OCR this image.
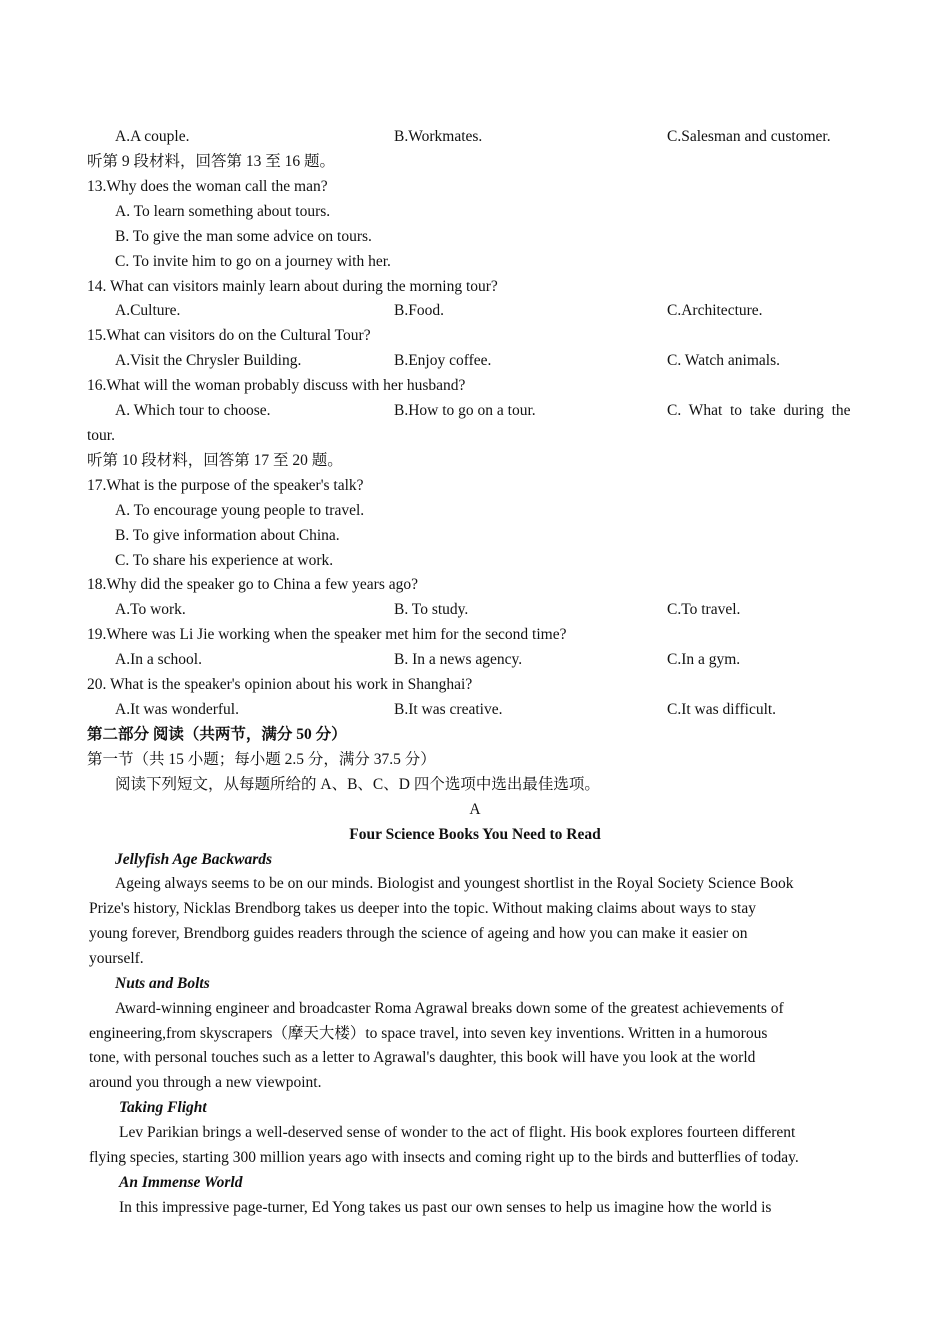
A.A couple.	B.Workmates.	C.Salesman and customer.
听第 9 段材料，回答第 13 至 16 题。
13.Why does the woman call the man?
A. To learn something about tours.
B. To give the man some advice on tours.
C. To invite him to go on a journey with her.
14. What can visitors mainly learn about during the morning tour?
A.Culture.	B.Food.	C.Architecture.
15.What can visitors do on the Cultural Tour?
A.Visit the Chrysler Building.	B.Enjoy coffee.	C. Watch animals.
16.What will the woman probably discuss with her husband?
A. Which tour to choose.	B.How to go on a tour.	C.  What  to  take  during  the
tour.
听第 10 段材料，回答第 17 至 20 题。
17.What is the purpose of the speaker's talk?
A. To encourage young people to travel.
B. To give information about China.
C. To share his experience at work.
18.Why did the speaker go to China a few years ago?
A.To work.	B. To study.	C.To travel.
19.Where was Li Jie working when the speaker met him for the second time?
A.In a school.	B. In a news agency.	C.In a gym.
20. What is the speaker's opinion about his work in Shanghai?
A.It was wonderful.	B.It was creative.	C.It was difficult.
第二部分 阅读（共两节，满分 50 分）
第一节（共 15 小题；每小题 2.5 分，满分 37.5 分）
阅读下列短文，从每题所给的 A、B、C、D 四个选项中选出最佳选项。
A
Four Science Books You Need to Read
Jellyfish Age Backwards
Ageing always seems to be on our minds. Biologist and youngest shortlist in the Royal Society Science Book
Prize's history, Nicklas Brendborg takes us deeper into the topic. Without making claims about ways to stay
young forever, Brendborg guides readers through the science of ageing and how you can make it easier on
yourself.
Nuts and Bolts
Award-winning engineer and broadcaster Roma Agrawal breaks down some of the greatest achievements of
engineering,from skyscrapers（摩天大楼）to space travel, into seven key inventions. Written in a humorous
tone, with personal touches such as a letter to Agrawal's daughter, this book will have you look at the world
around you through a new viewpoint.
Taking Flight
Lev Parikian brings a well-deserved sense of wonder to the act of flight. His book explores fourteen different
flying species, starting 300 million years ago with insects and coming right up to the birds and butterflies of today.
An Immense World
In this impressive page-turner, Ed Yong takes us past our own senses to help us imagine how the world is
